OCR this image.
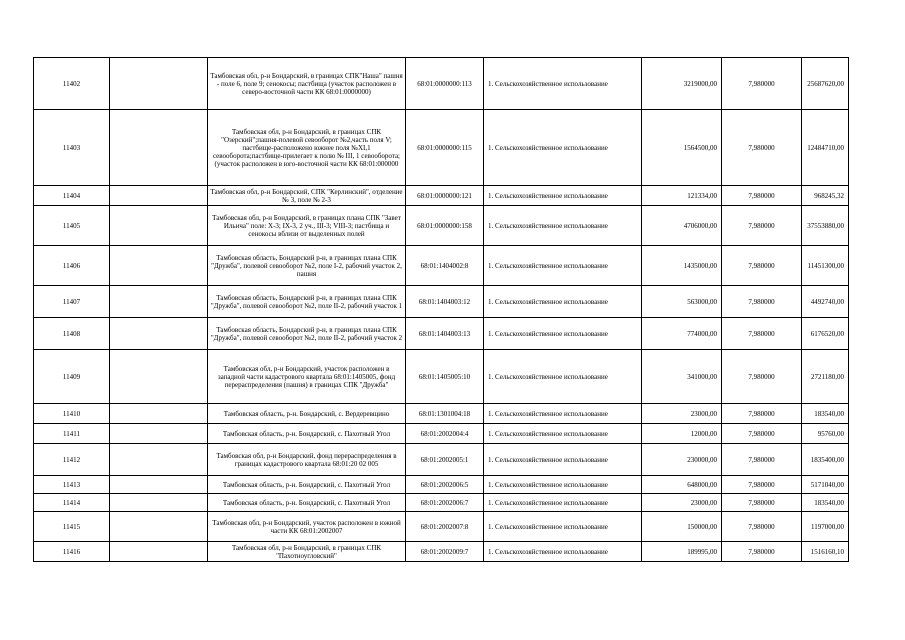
11402		Тамбовская обл, р-н Бондарский, в границах СПК"Наша" пашня - поле 6, поле 9; сенокосы; пастбища (участок расположен в северо-восточной части КК 68:01:0000000)	68:01:0000000:113	1. Сельскохозяйственное использование	3219000,00	7,980000	25687620,00
11403		Тамбовская обл, р-н Бондарский, в границах СПК "Озерский";пашня-полевой севооборот №2,часть поля V; пастбище-расположено южнее поля №XI,1 севооборота;пастбище-прилегает к полю № III, 1 севооборота; (участок расположен в юго-восточной части КК 68:01:000000	68:01:0000000:115	1. Сельскохозяйственное использование	1564500,00	7,980000	12484710,00
11404		Тамбовская обл, р-н Бондарский, СПК "Керлинский", отделение № 3, поле № 2-3	68:01:0000000:121	1. Сельскохозяйственное использование	121334,00	7,980000	968245,32
11405		Тамбовская обл, р-н Бондарский, в границах плана СПК "Завет Ильича" поле: X-3; IX-3, 2 уч., III-3; VIII-3; пастбища и сенокосы вблизи от выделенных полей	68:01:0000000:158	1. Сельскохозяйственное использование	4706000,00	7,980000	37553880,00
11406		Тамбовская область, Бондарский р-н, в границах плана СПК "Дружба", полевой севооборот №2, поле I-2, рабочий участок 2, пашня	68:01:1404002:8	1. Сельскохозяйственное использование	1435000,00	7,980000	11451300,00
11407		Тамбовская область, Бондарский р-н, в границах плана СПК "Дружба", полевой севооборот №2, поле II-2, рабочий участок 1	68:01:1404003:12	1. Сельскохозяйственное использование	563000,00	7,980000	4492740,00
11408		Тамбовская область, Бондарский р-н, в границах плана СПК "Дружба", полевой севооборот №2, поле II-2, рабочий участок 2	68:01:1404003:13	1. Сельскохозяйственное использование	774000,00	7,980000	6176520,00
11409		Тамбовская обл, р-н Бондарский, участок расположен в западной части кадастрового квартала 68:01:1405005, фонд перераспределения (пашня) в границах СПК "Дружба"	68:01:1405005:10	1. Сельскохозяйственное использование	341000,00	7,980000	2721180,00
11410		Тамбовская область, р-н. Бондарский, с. Вердеревщино	68:01:1301004:18	1. Сельскохозяйственное использование	23000,00	7,980000	183540,00
11411		Тамбовская область, р-н. Бондарский, с. Пахотный Угол	68:01:2002004:4	1. Сельскохозяйственное использование	12000,00	7,980000	95760,00
11412		Тамбовская обл, р-н Бондарский, фонд перераспределения в границах кадастрового квартала 68:01:20 02 005	68:01:2002005:1	1. Сельскохозяйственное использование	230000,00	7,980000	1835400,00
11413		Тамбовская область, р-н. Бондарский, с. Пахотный Угол	68:01:2002006:5	1. Сельскохозяйственное использование	648000,00	7,980000	5171040,00
11414		Тамбовская область, р-н. Бондарский, с. Пахотный Угол	68:01:2002006:7	1. Сельскохозяйственное использование	23000,00	7,980000	183540,00
11415		Тамбовская обл, р-н Бондарский, участок расположен в южной части КК 68:01:2002007	68:01:2002007:8	1. Сельскохозяйственное использование	150000,00	7,980000	1197000,00
11416		Тамбовская обл, р-н Бондарский, в границах СПК "Пахотноугловский"	68:01:2002009:7	1. Сельскохозяйственное использование	189995,00	7,980000	1516160,10
